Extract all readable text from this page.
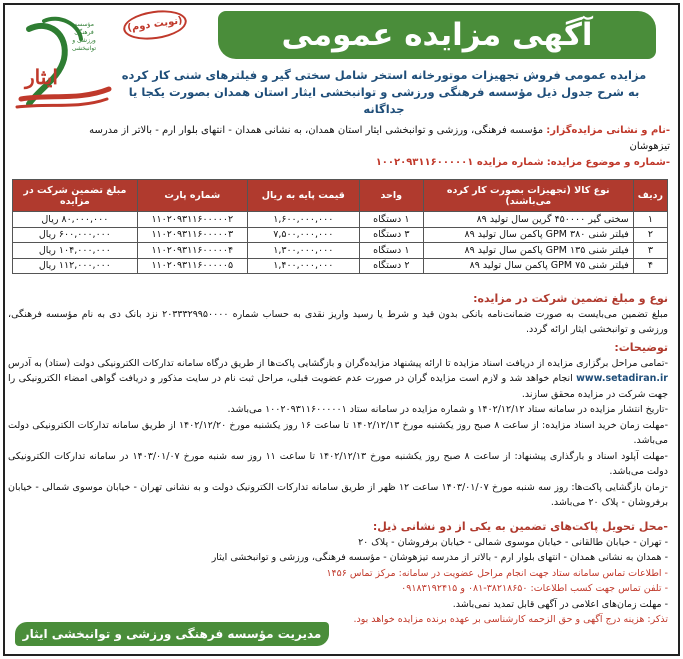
مؤسسه فرهنگی ورزشی و توانبخشی
ایثار
(نوبت دوم)	آگهی مزایده عمومی
مزایده عمومی فروش تجهیزات موتورخانه استخر شامل سختی گیر و فیلترهای شنی کار کرده
به شرح جدول ذیل مؤسسه فرهنگی ورزشی و توانبخشی ایثار استان همدان بصورت یکجا یا جداگانه
-نام و نشانی مزایده‌گزار: مؤسسه فرهنگی، ورزشی و توانبخشی ایثار استان همدان، به نشانی همدان - انتهای بلوار ارم - بالاتر از مدرسه تیزهوشان
-شماره و موضوع مزایده: شماره مزایده ۱۰۰۲۰۹۳۱۱۶۰۰۰۰۰۱
ردیف	نوع کالا (تجهیزات بصورت کار کرده می‌باشند)	واحد	قیمت پایه به ریال	شماره پارت	مبلغ تضمین شرکت در مزایده
۱	سختی گیر ۴۵۰۰۰۰ گرین سال تولید ۸۹	۱ دستگاه	۱,۶۰۰,۰۰۰,۰۰۰	۱۱۰۲۰۹۳۱۱۶۰۰۰۰۰۲	۸۰,۰۰۰,۰۰۰ ریال
۲	فیلتر شنی ۳۸۰ GPM پاکمن سال تولید ۸۹	۳ دستگاه	۷,۵۰۰,۰۰۰,۰۰۰	۱۱۰۲۰۹۳۱۱۶۰۰۰۰۰۳	۶۰۰,۰۰۰,۰۰۰ ریال
۳	فیلتر شنی ۱۳۵ GPM پاکمن سال تولید ۸۹	۱ دستگاه	۱,۳۰۰,۰۰۰,۰۰۰	۱۱۰۲۰۹۳۱۱۶۰۰۰۰۰۴	۱۰۴,۰۰۰,۰۰۰ ریال
۴	فیلتر شنی ۷۵ GPM پاکمن سال تولید ۸۹	۲ دستگاه	۱,۴۰۰,۰۰۰,۰۰۰	۱۱۰۲۰۹۳۱۱۶۰۰۰۰۰۵	۱۱۲,۰۰۰,۰۰۰ ریال
نوع و مبلغ تضمین شرکت در مزایده:
مبلغ تضمین می‌بایست به صورت ضمانت‌نامه بانکی بدون قید و شرط یا رسید واریز نقدی به حساب شماره ۲۰۳۳۳۲۹۹۵۰۰۰۰ نزد بانک دی به نام مؤسسه فرهنگی، ورزشی و توانبخشی ایثار ارائه گردد.
توضیحات:
-تمامی مراحل برگزاری مزایده از دریافت اسناد مزایده تا ارائه پیشنهاد مزایده‌گران و بازگشایی پاکت‌ها از طریق درگاه سامانه تدارکات الکترونیکی دولت (ستاد) به آدرس www.setadiran.ir انجام خواهد شد و لازم است مزایده گران در صورت عدم عضویت قبلی، مراحل ثبت نام در سایت مذکور و دریافت گواهی امضاء الکترونیکی را جهت شرکت در مزایده محقق سازند.
-تاریخ انتشار مزایده در سامانه ستاد ۱۴۰۲/۱۲/۱۲ و شماره مزایده در سامانه ستاد ۱۰۰۲۰۹۳۱۱۶۰۰۰۰۰۱ می‌باشد.
-مهلت زمان خرید اسناد مزایده: از ساعت ۸ صبح روز یکشنبه مورخ ۱۴۰۲/۱۲/۱۳ تا ساعت ۱۶ روز یکشنبه مورخ ۱۴۰۲/۱۲/۲۰ از طریق سامانه تدارکات الکترونیکی دولت می‌باشد.
-مهلت آپلود اسناد و بارگذاری پیشنهاد: از ساعت ۸ صبح روز یکشنبه مورخ ۱۴۰۲/۱۲/۱۳ تا ساعت ۱۱ روز سه شنبه مورخ ۱۴۰۳/۰۱/۰۷ در سامانه تدارکات الکترونیکی دولت می‌باشد.
-زمان بازگشایی پاکت‌ها: روز سه شنبه مورخ ۱۴۰۳/۰۱/۰۷ ساعت ۱۲ ظهر از طریق سامانه تدارکات الکترونیک دولت و به نشانی تهران - خیابان موسوی شمالی - خیابان برفروشان - پلاک ۲۰ می‌باشد.
-محل تحویل پاکت‌های تضمین به یکی از دو نشانی ذیل:
- تهران - خیابان طالقانی - خیابان موسوی شمالی - خیابان برفروشان - پلاک ۲۰
- همدان به نشانی همدان - انتهای بلوار ارم - بالاتر از مدرسه تیزهوشان - مؤسسه فرهنگی، ورزشی و توانبخشی ایثار
- اطلاعات تماس سامانه ستاد جهت انجام مراحل عضویت در سامانه: مرکز تماس ۱۴۵۶
- تلفن تماس جهت کسب اطلاعات: ۳۸۲۱۸۶۵۰-۰۸۱ و ۰۹۱۸۳۱۹۲۴۱۵
- مهلت زمان‌های اعلامی در آگهی قابل تمدید نمی‌باشد.
تذکر: هزینه درج آگهی و حق الزحمه کارشناسی بر عهده برنده مزایده خواهد بود.
مدیریت مؤسسه فرهنگی ورزشی و توانبخشی ایثار
